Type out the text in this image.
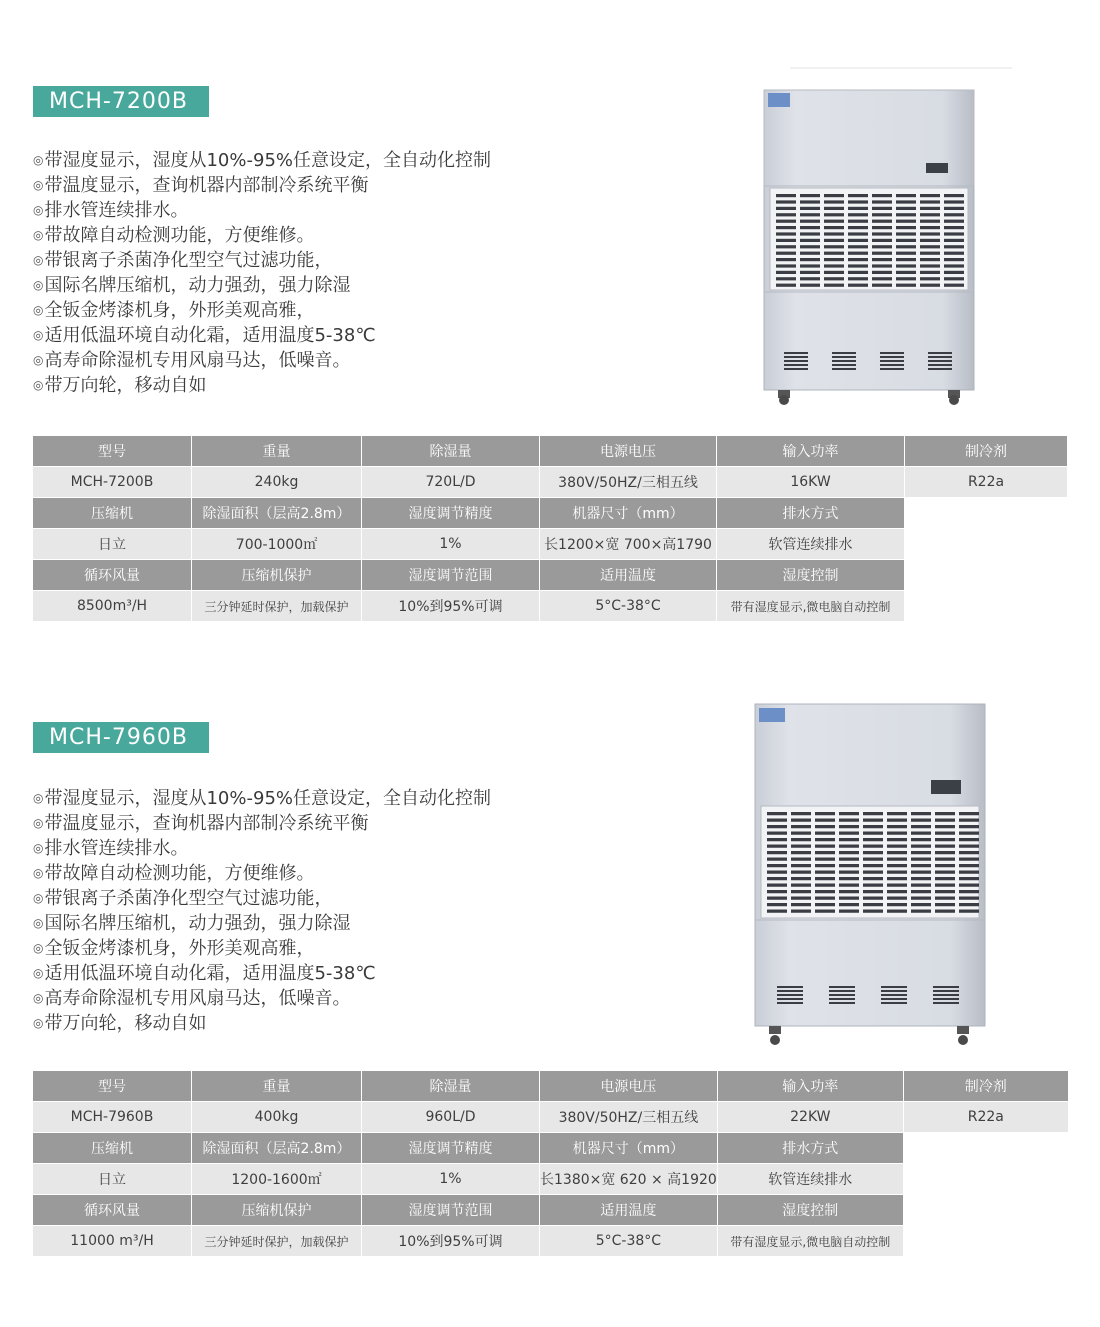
MCH-7200B
◎带湿度显示，湿度从10%-95%任意设定，全自动化控制
◎带温度显示，查询机器内部制冷系统平衡
◎排水管连续排水。
◎带故障自动检测功能，方便维修。
◎带银离子杀菌净化型空气过滤功能，
◎国际名牌压缩机，动力强劲，强力除湿
◎全钣金烤漆机身，外形美观高雅，
◎适用低温环境自动化霜，适用温度5-38℃
◎高寿命除湿机专用风扇马达，低噪音。
◎带万向轮，移动自如
型号	重量	除湿量	电源电压	输入功率	制冷剂
MCH-7200B	240kg	720L/D	380V/50HZ/三相五线	16KW	R22a
压缩机	除湿面积（层高2.8m）	湿度调节精度	机器尺寸（mm）	排水方式	
日立	700-1000㎡	1%	长1200×宽 700×高1790	软管连续排水	
循环风量	压缩机保护	湿度调节范围	适用温度	湿度控制	
8500m³/H	三分钟延时保护，加载保护	10%到95%可调	5°C-38°C	带有湿度显示,微电脑自动控制	
MCH-7960B
◎带湿度显示，湿度从10%-95%任意设定，全自动化控制
◎带温度显示，查询机器内部制冷系统平衡
◎排水管连续排水。
◎带故障自动检测功能，方便维修。
◎带银离子杀菌净化型空气过滤功能，
◎国际名牌压缩机，动力强劲，强力除湿
◎全钣金烤漆机身，外形美观高雅，
◎适用低温环境自动化霜，适用温度5-38℃
◎高寿命除湿机专用风扇马达，低噪音。
◎带万向轮，移动自如
型号	重量	除湿量	电源电压	输入功率	制冷剂
MCH-7960B	400kg	960L/D	380V/50HZ/三相五线	22KW	R22a
压缩机	除湿面积（层高2.8m）	湿度调节精度	机器尺寸（mm）	排水方式	
日立	1200-1600㎡	1%	长1380×宽 620 × 高1920	软管连续排水	
循环风量	压缩机保护	湿度调节范围	适用温度	湿度控制	
11000 m³/H	三分钟延时保护，加载保护	10%到95%可调	5°C-38°C	带有湿度显示,微电脑自动控制	
